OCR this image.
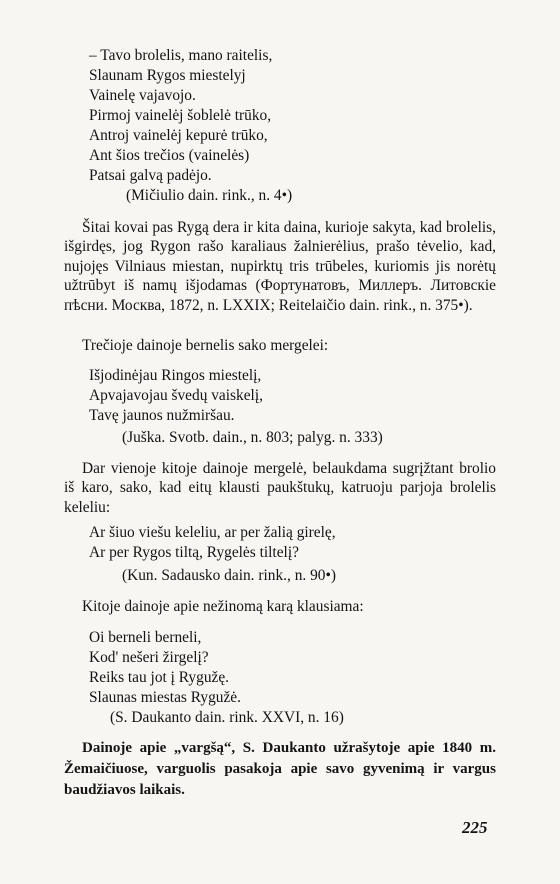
– Tavo brolelis, mano raitelis,
Slaunam Rygos miestelyj
Vainelę vajavojo.
Pirmoj vainelėj šoblelė trūko,
Antroj vainelėj kepurė trūko,
Ant šios trečios (vainelės)
Patsai galvą padėjo.
(Mičiulio dain. rink., n. 4•)

Šitai kovai pas Rygą dera ir kita daina, kurioje sakyta, kad brolelis, išgirdęs, jog Rygon rašo karaliaus žalnierėlius, prašo tėvelio, kad, nujojęs Vilniaus miestan, nupirktų tris trūbeles, kuriomis jis norėtų užtrūbyt iš namų išjodamas (Фортунатовъ, Миллеръ. Литовскіе пѣсни. Москва, 1872, n. LXXIX; Reitelaičio dain. rink., n. 375•).

Trečioje dainoje bernelis sako mergelei:

Išjodinėjau Ringos miestelį,
Apvajavojau švedų vaiskelį,
Tavę jaunos nužmiršau.
(Juška. Svotb. dain., n. 803; palyg. n. 333)

Dar vienoje kitoje dainoje mergelė, belaukdama sugrįžtant brolio iš karo, sako, kad eitų klausti paukštukų, katruoju parjoja brolelis keleliu:

Ar šiuo viešu keleliu, ar per žalią girelę,
Ar per Rygos tiltą, Rygelės tiltelį?
(Kun. Sadausko dain. rink., n. 90•)

Kitoje dainoje apie nežinomą karą klausiama:

Oi berneli berneli,
Kod' nešeri žirgelį?
Reiks tau jot į Rygužę.
Slaunas miestas Rygužė.
(S. Daukanto dain. rink. XXVI, n. 16)

Dainoje apie „vargšą“, S. Daukanto užrašytoje apie 1840 m. Žemaičiuose, varguolis pasakoja apie savo gyvenimą ir vargus baudžiavos laikais.

225
